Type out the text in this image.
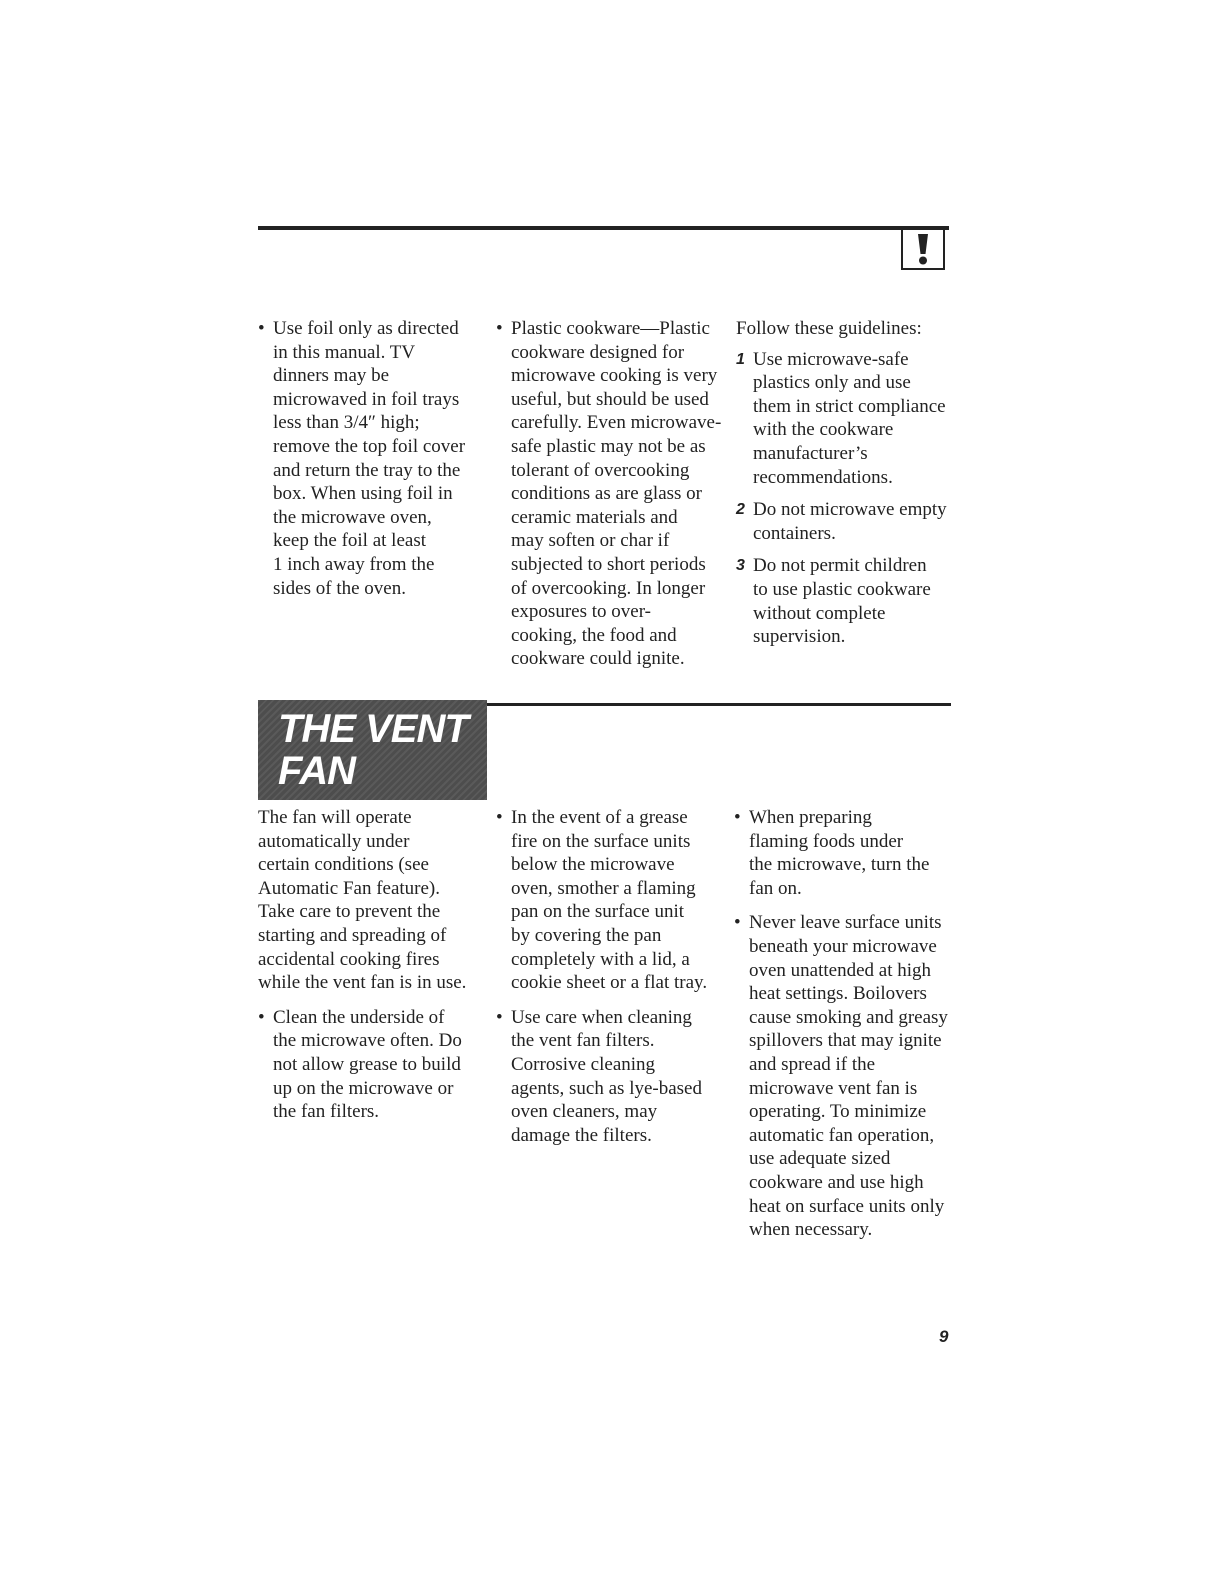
• Use foil only as directed
in this manual. TV
dinners may be
microwaved in foil trays
less than 3/4″ high;
remove the top foil cover
and return the tray to the
box. When using foil in
the microwave oven,
keep the foil at least
1 inch away from the
sides of the oven.

• Plastic cookware—Plastic
cookware designed for
microwave cooking is very
useful, but should be used
carefully. Even microwave-
safe plastic may not be as
tolerant of overcooking
conditions as are glass or
ceramic materials and
may soften or char if
subjected to short periods
of overcooking. In longer
exposures to over-
cooking, the food and
cookware could ignite.

Follow these guidelines:

1 Use microwave-safe
plastics only and use
them in strict compliance
with the cookware
manufacturer’s
recommendations.

2 Do not microwave empty
containers.

3 Do not permit children
to use plastic cookware
without complete
supervision.

THE VENT
FAN

The fan will operate
automatically under
certain conditions (see
Automatic Fan feature).
Take care to prevent the
starting and spreading of
accidental cooking fires
while the vent fan is in use.

• Clean the underside of
the microwave often. Do
not allow grease to build
up on the microwave or
the fan filters.

• In the event of a grease
fire on the surface units
below the microwave
oven, smother a flaming
pan on the surface unit
by covering the pan
completely with a lid, a
cookie sheet or a flat tray.

• Use care when cleaning
the vent fan filters.
Corrosive cleaning
agents, such as lye-based
oven cleaners, may
damage the filters.

• When preparing
flaming foods under
the microwave, turn the
fan on.

• Never leave surface units
beneath your microwave
oven unattended at high
heat settings. Boilovers
cause smoking and greasy
spillovers that may ignite
and spread if the
microwave vent fan is
operating. To minimize
automatic fan operation,
use adequate sized
cookware and use high
heat on surface units only
when necessary.

9
